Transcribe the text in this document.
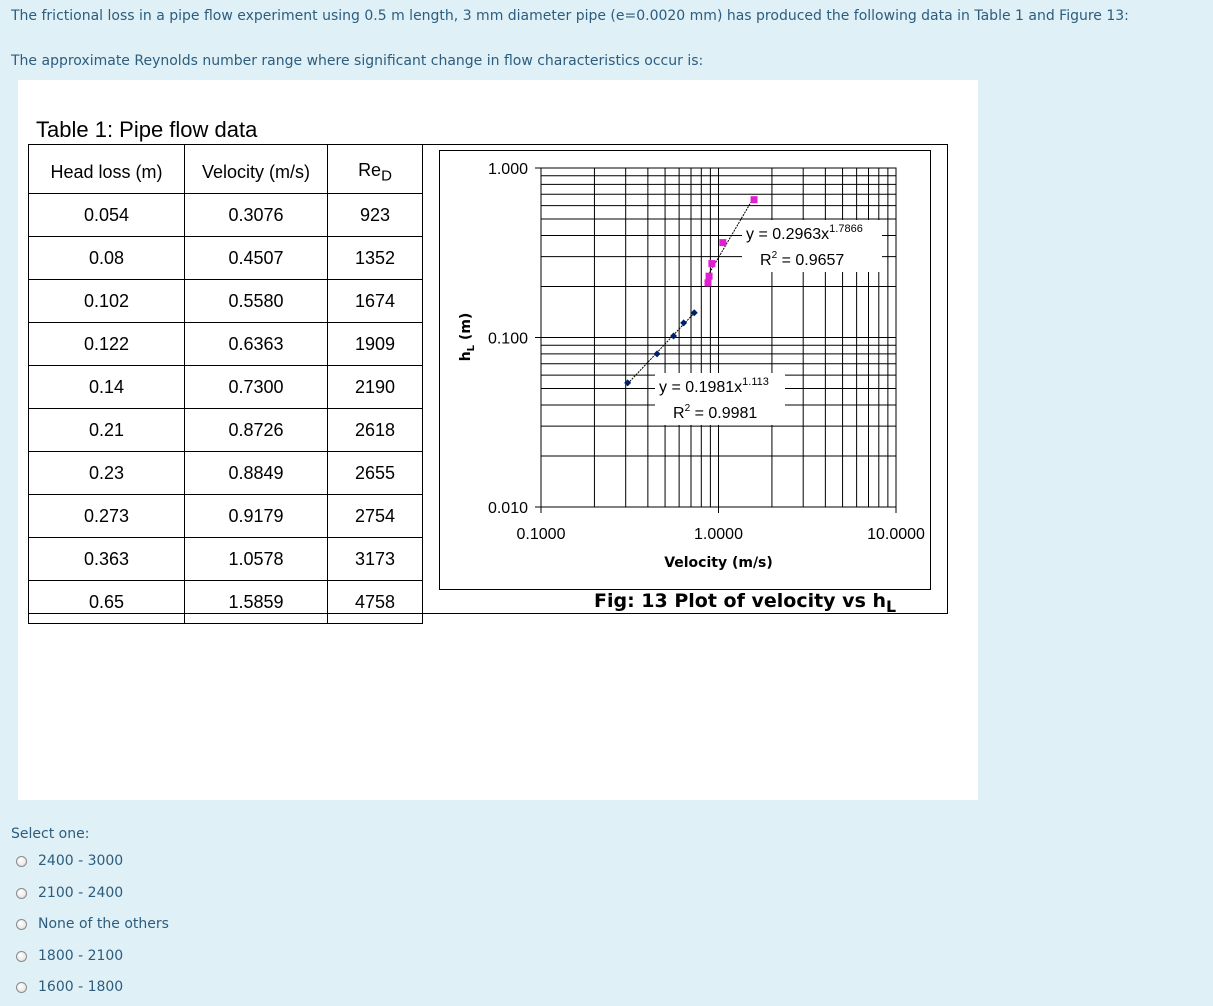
The frictional loss in a pipe flow experiment using 0.5 m length, 3 mm diameter pipe (e=0.0020 mm) has produced the following data in Table 1 and Figure 13:
The approximate Reynolds number range where significant change in flow characteristics occur is:
Table 1: Pipe flow data
Head loss (m)	Velocity (m/s)	$Re_D$
0.054	0.3076	923
0.08	0.4507	1352
0.102	0.5580	1674
0.122	0.6363	1909
0.14	0.7300	2190
0.21	0.8726	2618
0.23	0.8849	2655
0.273	0.9179	2754
0.363	1.0578	3173
0.65	1.5859	4758
1.000
0.100
0.010
0.1000	1.0000	10.0000
Velocity (m/s)
$h_L$ (m)
$y = 0.1981x^{1.113}$
$R^2 = 0.9981$
$y = 0.2963x^{1.7866}$
$R^2 = 0.9657$
Fig: 13 Plot of velocity vs $h_L$
Select one:
2400 - 3000
2100 - 2400
None of the others
1800 - 2100
1600 - 1800
